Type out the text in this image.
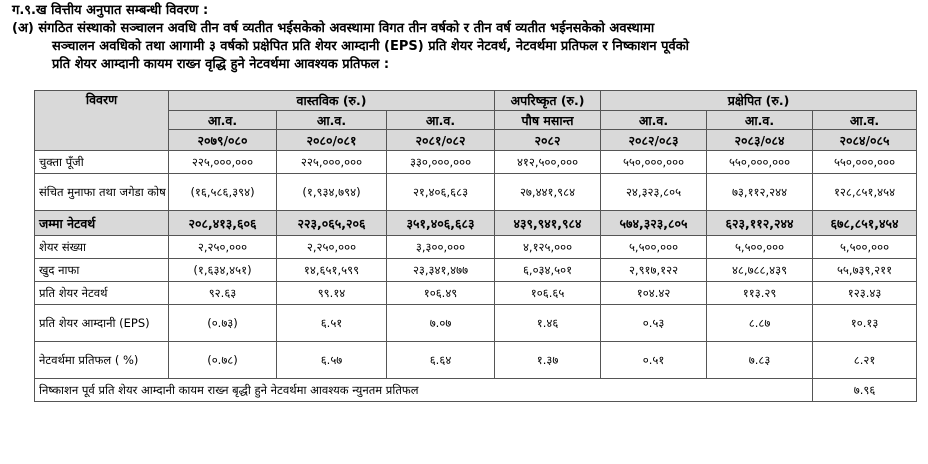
ग.९.ख वित्तीय अनुपात सम्बन्धी विवरण :
(अ) संगठित संस्थाको सञ्चालन अवधि तीन वर्ष व्यतीत भईसकेको अवस्थामा विगत तीन वर्षको र तीन वर्ष व्यतीत भईनसकेको अवस्थामा
सञ्चालन अवधिको तथा आगामी ३ वर्षको प्रक्षेपित प्रति शेयर आम्दानी (EPS) प्रति शेयर नेटवर्थ, नेटवर्थमा प्रतिफल र निष्काशन पूर्वको
प्रति शेयर आम्दानी कायम राख्न वृद्धि हुने नेटवर्थमा आवश्यक प्रतिफल :
विवरण	वास्तविक (रु.)			अपरिष्कृत (रु.)	प्रक्षेपित (रु.)		
	आ.व.	आ.व.	आ.व.	पौष मसान्त	आ.व.	आ.व.	आ.व.
	२०७९/०८०	२०८०/०८१	२०८१/०८२	२०८२	२०८२/०८३	२०८३/०८४	२०८४/०८५
चुक्ता पूँजी	२२५,०००,०००	२२५,०००,०००	३३०,०००,०००	४१२,५००,०००	५५०,०००,०००	५५०,०००,०००	५५०,०००,०००
संचित मुनाफा तथा जगेडा कोष	(१६,५८६,३९४)	(१,९३४,७९४)	२१,४०६,६८३	२७,४४१,९८४	२४,३२३,८०५	७३,११२,२४४	१२८,८५१,४५४
जम्मा नेटवर्थ	२०८,४१३,६०६	२२३,०६५,२०६	३५१,४०६,६८३	४३९,९४१,९८४	५७४,३२३,८०५	६२३,११२,२४४	६७८,८५१,४५४
शेयर संख्या	२,२५०,०००	२,२५०,०००	३,३००,०००	४,१२५,०००	५,५००,०००	५,५००,०००	५,५००,०००
खुद नाफा	(१,६३४,४५१)	१४,६५१,५९९	२३,३४१,४७७	६,०३४,५०१	२,९१७,१२२	४८,७८८,४३९	५५,७३९,२११
प्रति शेयर नेटवर्थ	९२.६३	९९.१४	१०६.४९	१०६.६५	१०४.४२	११३.२९	१२३.४३
प्रति शेयर आम्दानी (EPS)	(०.७३)	६.५१	७.०७	१.४६	०.५३	८.८७	१०.१३
नेटवर्थमा प्रतिफल ( %)	(०.७८)	६.५७	६.६४	१.३७	०.५१	७.८३	८.२१
निष्काशन पूर्व प्रति शेयर आम्दानी कायम राख्न बृद्धी हुने नेटवर्थमा आवश्यक न्युनतम प्रतिफल							७.९६
